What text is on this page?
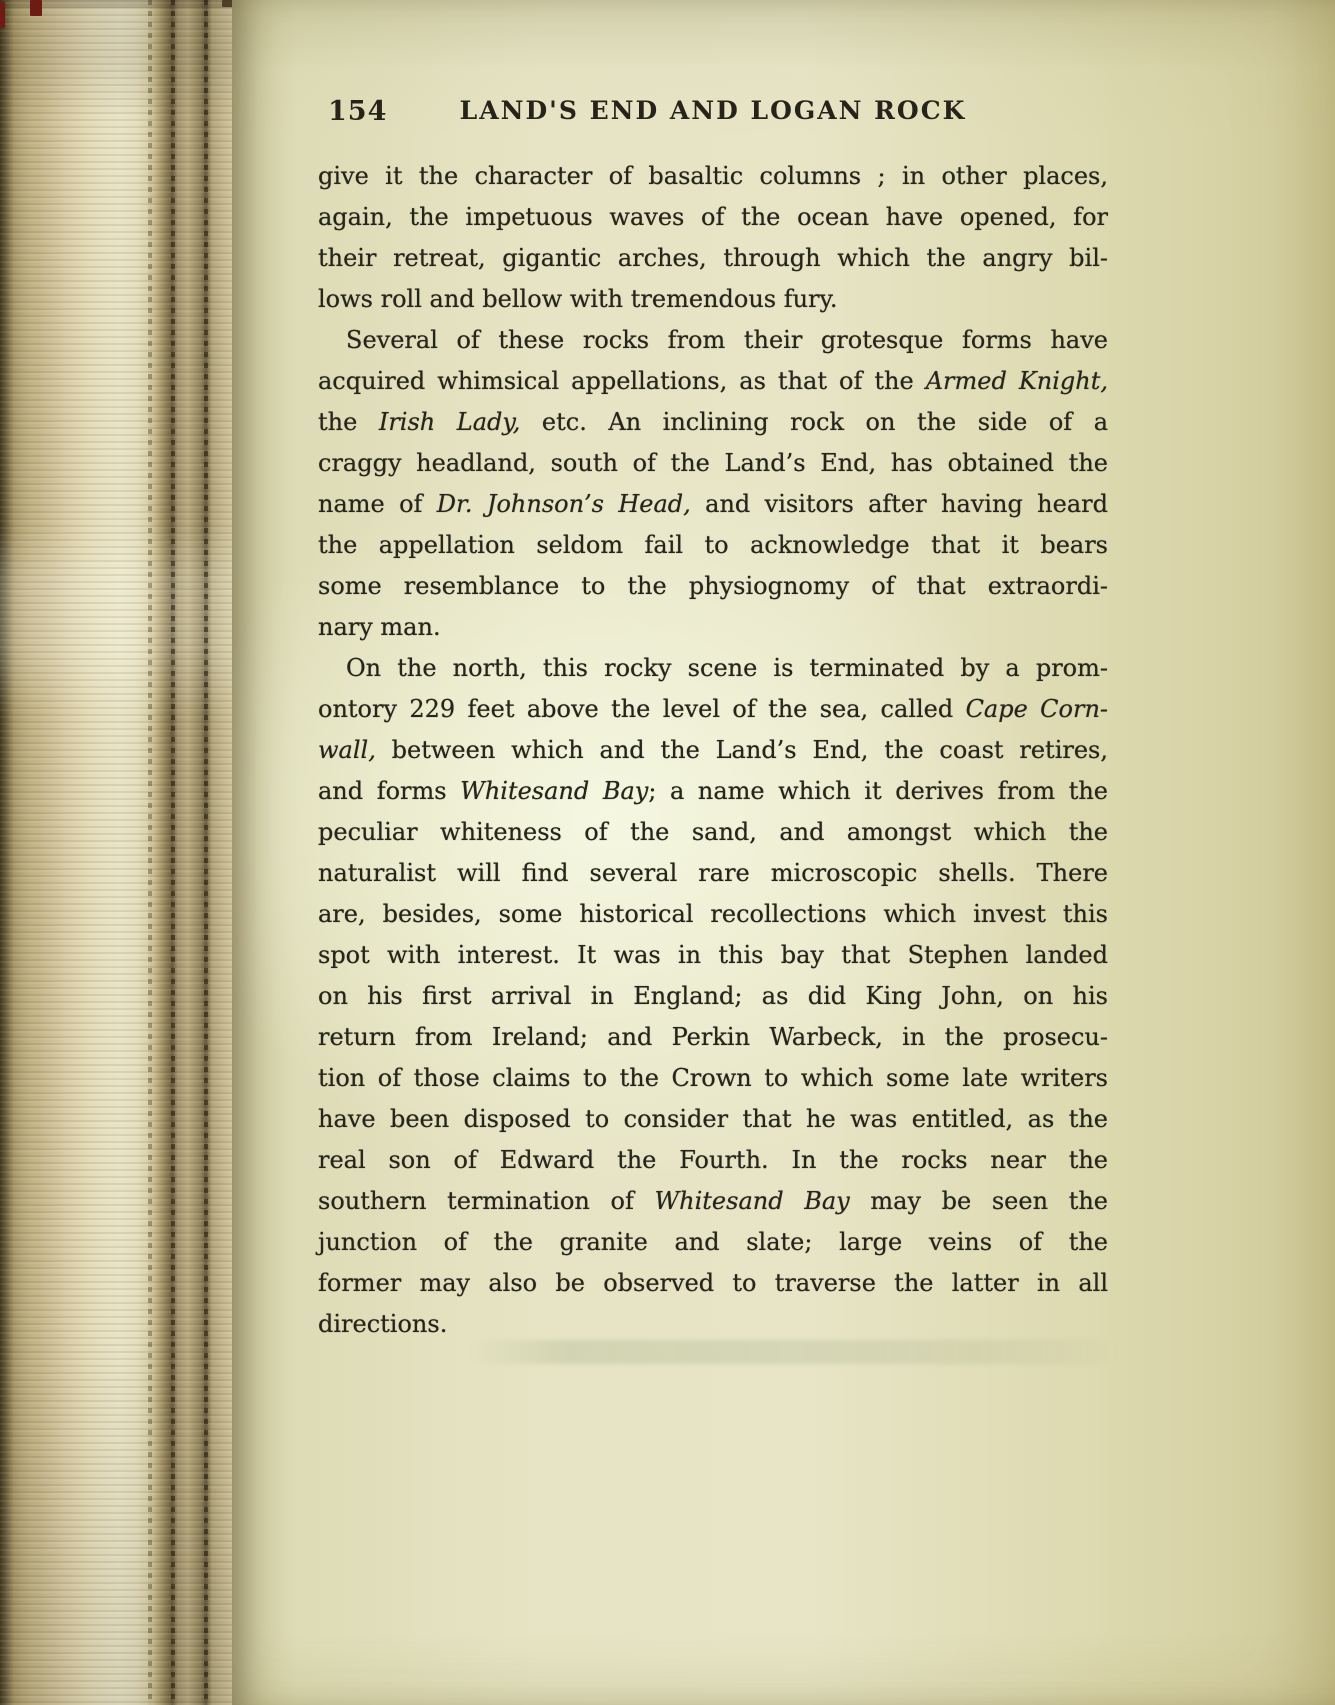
154	LAND'S END AND LOGAN ROCK

give it the character of basaltic columns ; in other places,
again, the impetuous waves of the ocean have opened, for
their retreat, gigantic arches, through which the angry bil-
lows roll and bellow with tremendous fury.

Several of these rocks from their grotesque forms have
acquired whimsical appellations, as that of the Armed Knight,
the Irish Lady, etc. An inclining rock on the side of a
craggy headland, south of the Land’s End, has obtained the
name of Dr. Johnson’s Head, and visitors after having heard
the appellation seldom fail to acknowledge that it bears
some resemblance to the physiognomy of that extraordi-
nary man.

On the north, this rocky scene is terminated by a prom-
ontory 229 feet above the level of the sea, called Cape Corn-
wall, between which and the Land’s End, the coast retires,
and forms Whitesand Bay; a name which it derives from the
peculiar whiteness of the sand, and amongst which the
naturalist will find several rare microscopic shells. There
are, besides, some historical recollections which invest this
spot with interest. It was in this bay that Stephen landed
on his first arrival in England; as did King John, on his
return from Ireland; and Perkin Warbeck, in the prosecu-
tion of those claims to the Crown to which some late writers
have been disposed to consider that he was entitled, as the
real son of Edward the Fourth. In the rocks near the
southern termination of Whitesand Bay may be seen the
junction of the granite and slate; large veins of the
former may also be observed to traverse the latter in all
directions.
